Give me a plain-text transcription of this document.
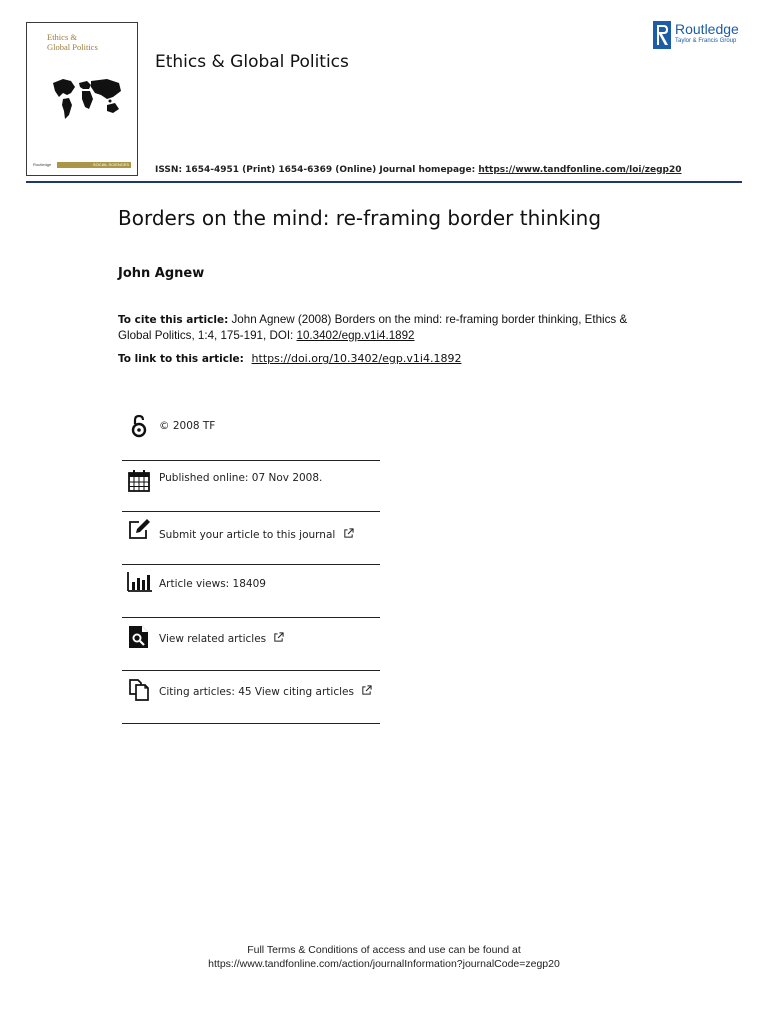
Ethics &
Global Politics
Routledge	SOCIAL SCIENCES
Ethics & Global Politics
Routledge
Taylor & Francis Group
ISSN: 1654-4951 (Print) 1654-6369 (Online) Journal homepage: https://www.tandfonline.com/loi/zegp20
Borders on the mind: re-framing border thinking
John Agnew
To cite this article: John Agnew (2008) Borders on the mind: re-framing border thinking, Ethics & Global Politics, 1:4, 175-191, DOI: 10.3402/egp.v1i4.1892
To link to this article: https://doi.org/10.3402/egp.v1i4.1892
© 2008 TF
Published online: 07 Nov 2008.
Submit your article to this journal
Article views: 18409
View related articles
Citing articles: 45 View citing articles
Full Terms & Conditions of access and use can be found at
https://www.tandfonline.com/action/journalInformation?journalCode=zegp20
